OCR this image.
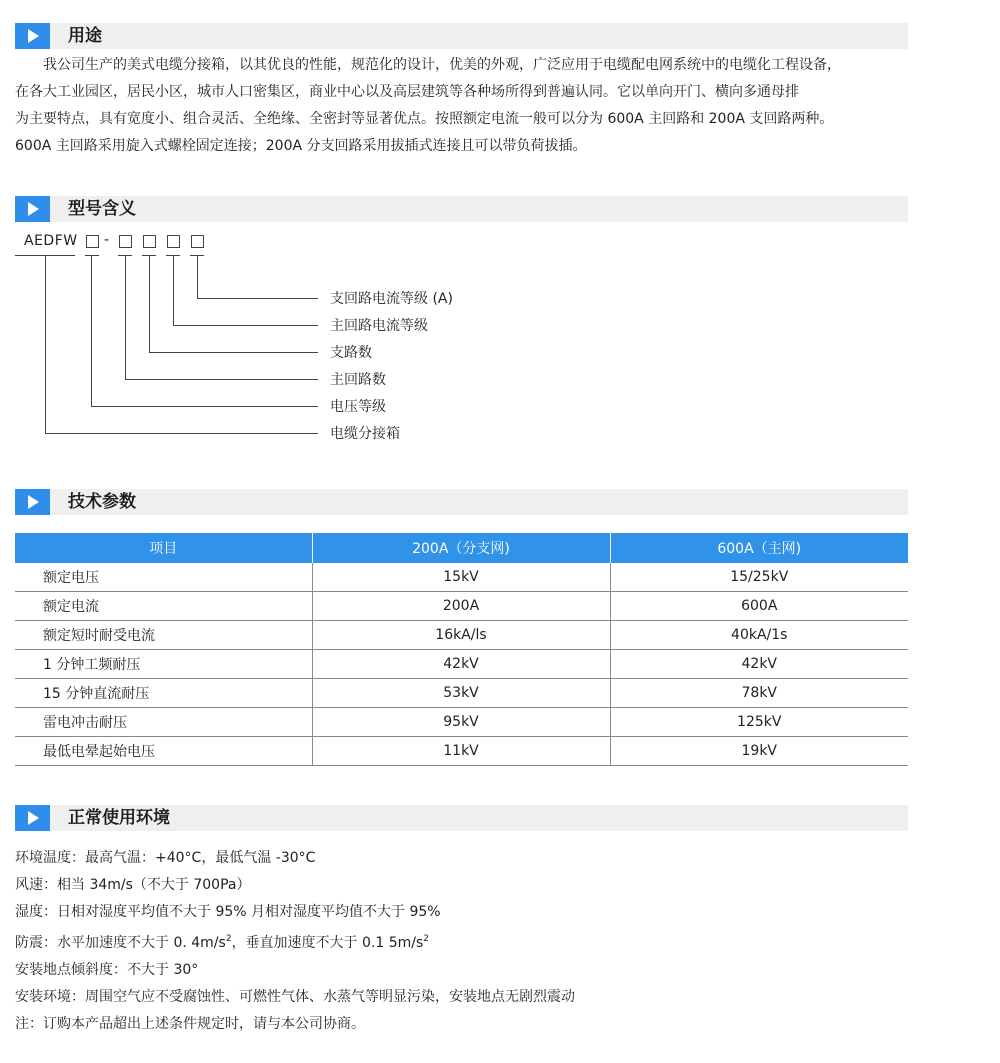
用途

我公司生产的美式电缆分接箱，以其优良的性能，规范化的设计，优美的外观，广泛应用于电缆配电网系统中的电缆化工程设备，

在各大工业园区，居民小区，城市人口密集区，商业中心以及高层建筑等各种场所得到普遍认同。它以单向开门、横向多通母排

为主要特点，具有宽度小、组合灵活、全绝缘、全密封等显著优点。按照额定电流一般可以分为 600A 主回路和 200A 支回路两种。

600A 主回路采用旋入式螺栓固定连接；200A 分支回路采用拔插式连接且可以带负荷拔插。

型号含义
AEDFW -
支回路电流等级 (A)
主回路电流等级
支路数
主回路数
电压等级
电缆分接箱
技术参数
项目	200A（分支网)	600A（主网)
额定电压	15kV	15/25kV
额定电流	200A	600A
额定短时耐受电流	16kA/ls	40kA/1s
1 分钟工频耐压	42kV	42kV
15 分钟直流耐压	53kV	78kV
雷电冲击耐压	95kV	125kV
最低电晕起始电压	11kV	19kV
正常使用环境
环境温度：最高气温：+40°C，最低气温 -30°C
风速：相当 34m/s（不大于 700Pa）
湿度：日相对湿度平均值不大于 95% 月相对湿度平均值不大于 95%
防震：水平加速度不大于 0. $4m/s^2$，垂直加速度不大于 0.1 $5m/s^2$
安装地点倾斜度：不大于 30°
安装环境：周围空气应不受腐蚀性、可燃性气体、水蒸气等明显污染，安装地点无剧烈震动
注：订购本产品超出上述条件规定时，请与本公司协商。
